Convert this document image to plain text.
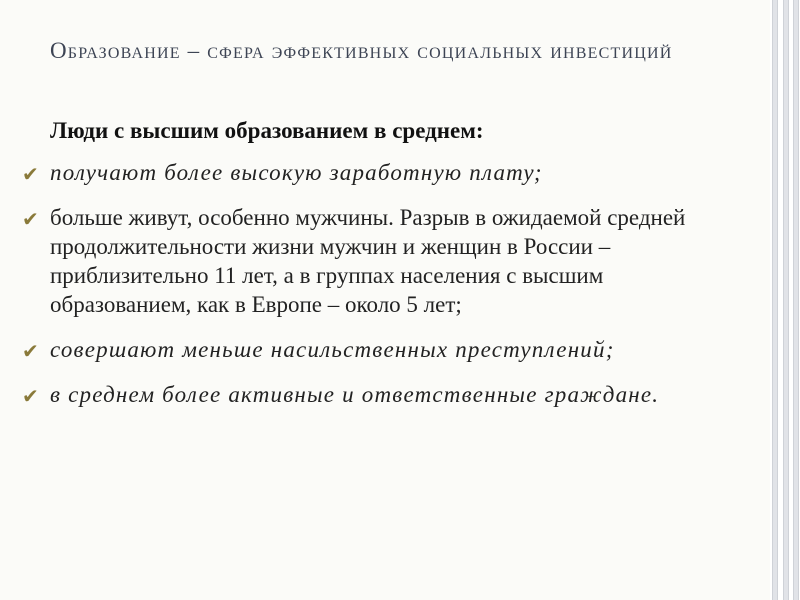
Образование – сфера эффективных социальных инвестиций

Люди с высшим образованием в среднем:

✔ получают более высокую заработную плату;
✔ больше живут, особенно мужчины. Разрыв в ожидаемой средней продолжительности жизни мужчин и женщин в России – приблизительно 11 лет, а в группах населения с высшим образованием, как в Европе – около 5 лет;
✔ совершают меньше насильственных преступлений;
✔ в среднем более активные и ответственные граждане.
